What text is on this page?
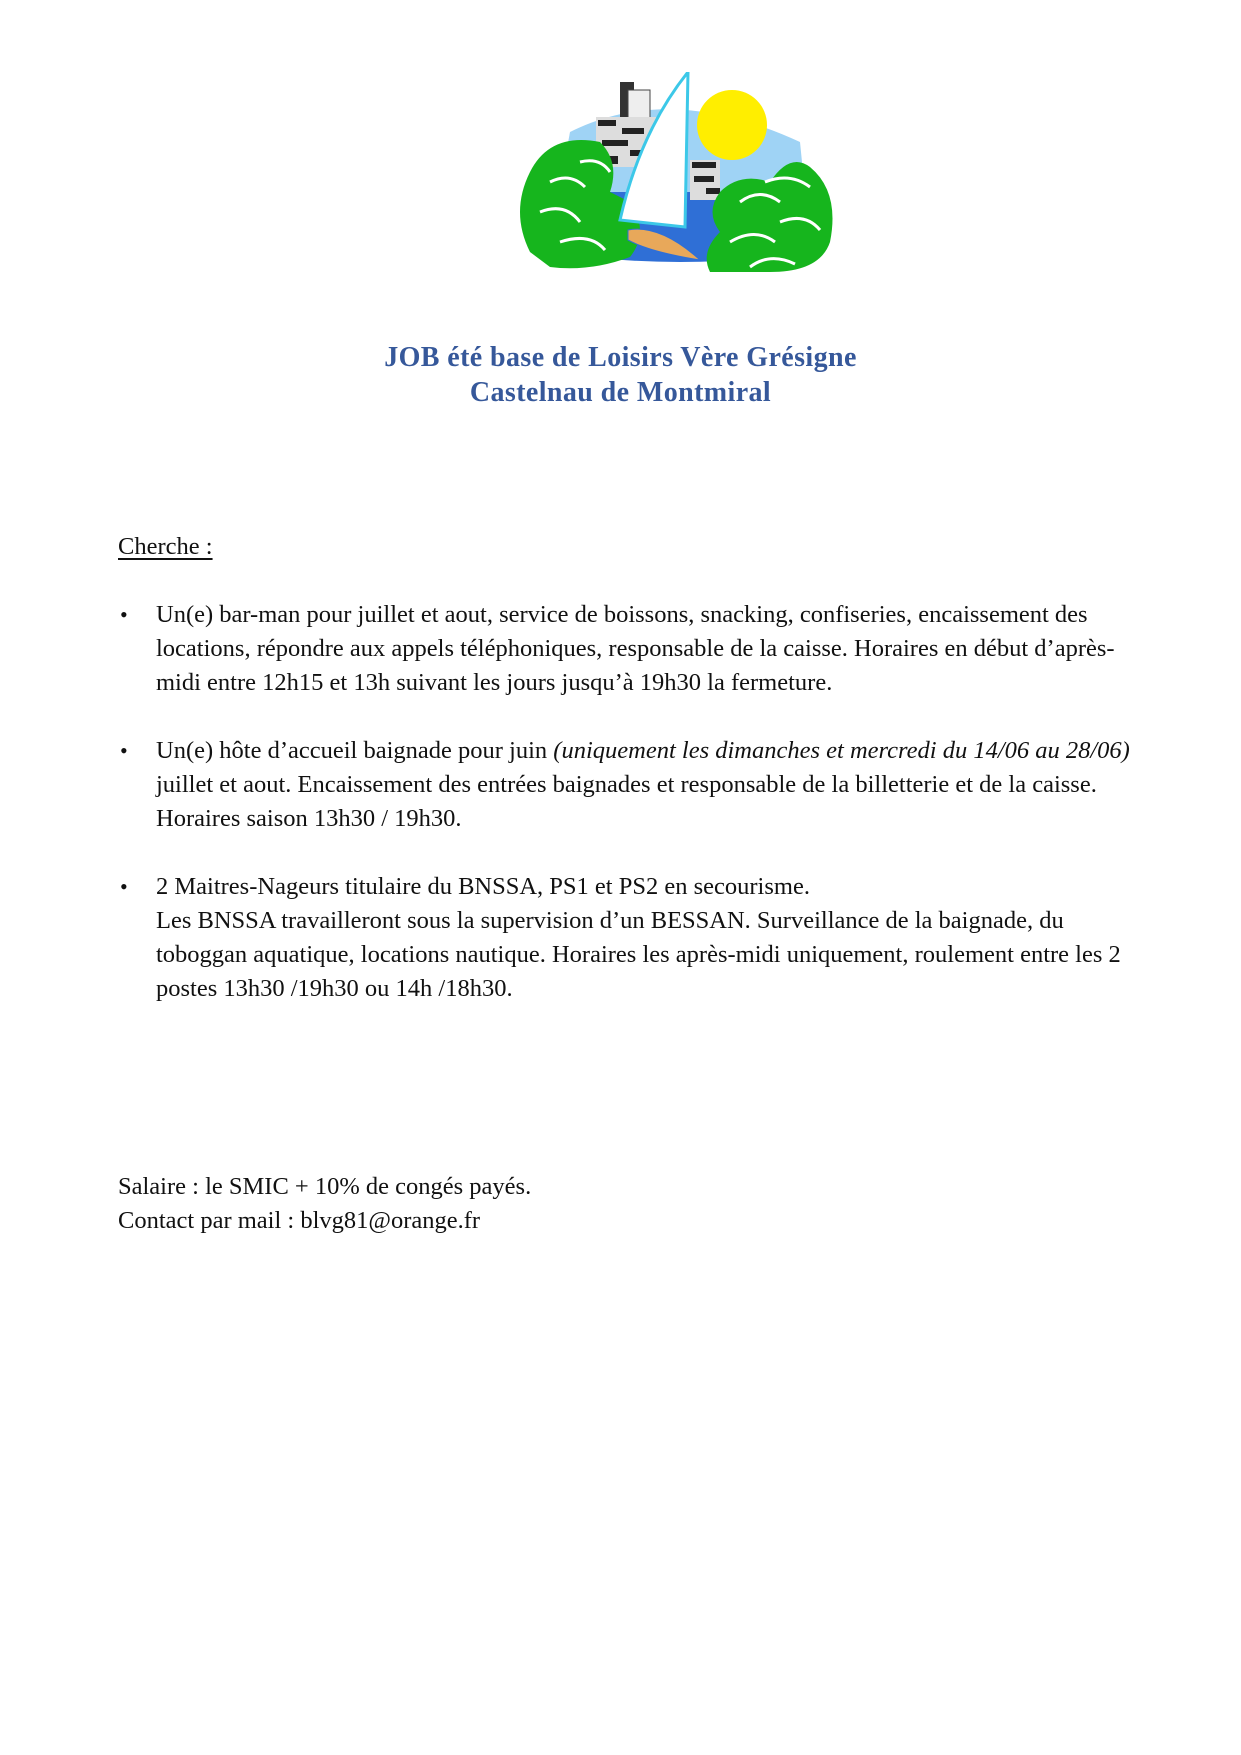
JOB été base de Loisirs Vère Grésigne
Castelnau de Montmiral
Cherche :
• Un(e) bar-man pour juillet et aout, service de boissons, snacking, confiseries, encaissement des locations, répondre aux appels téléphoniques, responsable de la caisse. Horaires en début d’après-midi entre 12h15 et 13h suivant les jours jusqu’à 19h30 la fermeture.
• Un(e) hôte d’accueil baignade pour juin (uniquement les dimanches et mercredi du 14/06 au 28/06) juillet et aout. Encaissement des entrées baignades et responsable de la billetterie et de la caisse. Horaires saison 13h30 / 19h30.
• 2 Maitres-Nageurs titulaire du BNSSA, PS1 et PS2 en secourisme.
Les BNSSA travailleront sous la supervision d’un BESSAN. Surveillance de la baignade, du toboggan aquatique, locations nautique. Horaires les après-midi uniquement, roulement entre les 2 postes 13h30 /19h30 ou 14h /18h30.
Salaire : le SMIC + 10% de congés payés.
Contact par mail : blvg81@orange.fr
